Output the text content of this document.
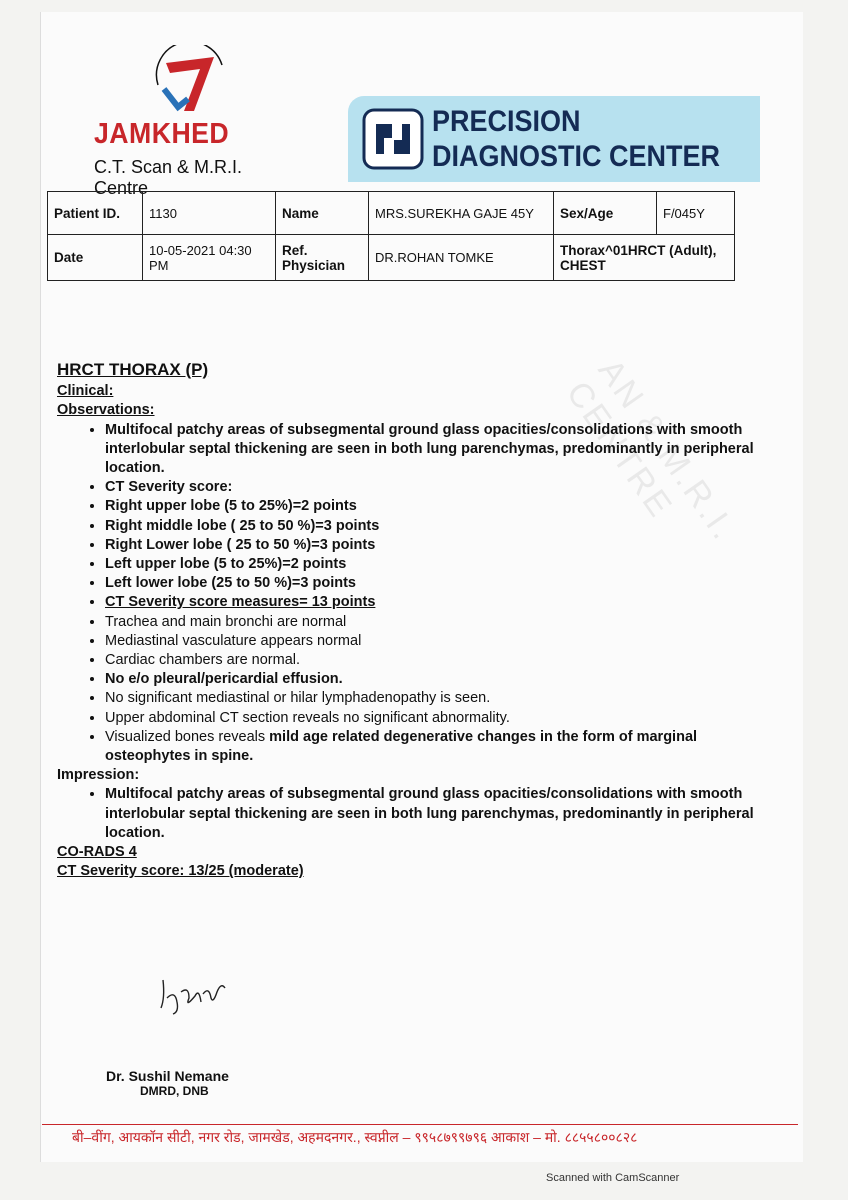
AN & M.R.I. CENTRE
JAMKHED
C.T. Scan & M.R.I. Centre
PRECISION
DIAGNOSTIC CENTER
Patient ID.	1130	Name	MRS.SUREKHA GAJE 45Y	Sex/Age	F/045Y
Date	10-05-2021 04:30 PM	Ref. Physician	DR.ROHAN TOMKE	Thorax^01HRCT (Adult), CHEST	
HRCT THORAX (P)
Clinical:
Observations:
• Multifocal patchy areas of subsegmental ground glass opacities/consolidations with smooth interlobular septal thickening are seen in both lung parenchymas, predominantly in peripheral location.
• CT Severity score:
• Right upper lobe (5 to 25%)=2 points
• Right middle lobe ( 25 to 50 %)=3 points
• Right Lower lobe ( 25 to 50 %)=3 points
• Left upper lobe (5 to 25%)=2 points
• Left lower lobe (25 to 50 %)=3 points
• CT Severity score measures= 13 points
• Trachea and main bronchi are normal
• Mediastinal vasculature appears normal
• Cardiac chambers are normal.
• No e/o pleural/pericardial effusion.
• No significant mediastinal or hilar lymphadenopathy is seen.
• Upper abdominal CT section reveals no significant abnormality.
• Visualized bones reveals mild age related degenerative changes in the form of marginal osteophytes in spine.
Impression:
• Multifocal patchy areas of subsegmental ground glass opacities/consolidations with smooth interlobular septal thickening are seen in both lung parenchymas, predominantly in peripheral location.
CO-RADS 4
CT Severity score: 13/25 (moderate)
Dr. Sushil Nemane
DMRD, DNB
बी–वींग, आयकॉन सीटी, नगर रोड, जामखेड, अहमदनगर., स्वप्नील – ९९५८७९९७९६ आकाश – मो. ८८५५८००८२८
Scanned with CamScanner
